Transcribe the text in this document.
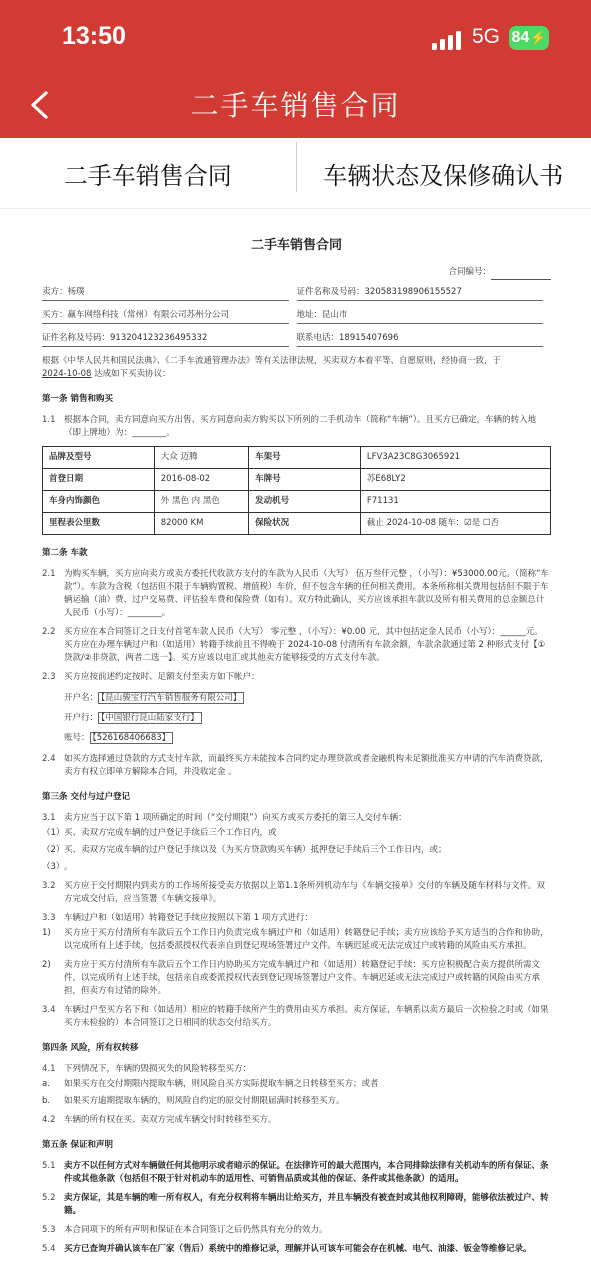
13:50	5G 84 ⚡
二手车销售合同
二手车销售合同	车辆状态及保修确认书
二手车销售合同
合同编号：
卖方：杨璞	证件名称及号码：320583198906155527
买方：赢车网络科技（常州）有限公司苏州分公司	地址：昆山市
证件名称及号码：91320412323649533​2	联系电话：18915407696
根据《中华人民共和国民法典》、《二手车流通管理办法》等有关法律法规，买卖双方本着平等、自愿原则，经协商一致，于
2024-10-08 达成如下买卖协议：
第一条 销售和购买
1.1 根据本合同，卖方同意向买方出售、买方同意向卖方购买以下所列的二手机动车（简称“车辆”）。且买方已确定，车辆的转入地（即上牌地）为：________。
品牌及型号	大众 迈腾	车架号	LFV3A23C8G3065921
首登日期	2016-08-02	车牌号	苏E68LY2
车身内饰颜色	外 黑色 内 黑色	发动机号	F71131
里程表公里数	82000 KM	保险状况	截止 2024-10-08 随车：☑是 ☐否
第二条 车款
2.1 为购买车辆，买方应向卖方或卖方委托代收款方支付的车款为人民币（大写） 伍万叁仟元整 ，（小写）：¥53000.00元。（简称“车款”）。车款为含税（包括但不限于车辆购置税、增值税）车价，但不包含车辆的任何相关费用。本条所称相关费用包括但不限于车辆运输（油）费、过户交易费、评估验车费和保险费（如有）。双方特此确认，买方应该承担车款以及所有相关费用的总金额总计人民币（小写）：________。
2.2 买方应在本合同签订之日支付首笔车款人民币（大写） 零元整 ，（小写）：¥0.00 元，其中包括定金人民币（小写）：______元。买方应在办理车辆过户和（如适用）转籍手续前且不得晚于 2024-10-08 付清所有车款余额，车款余款通过第 2 种形式支付【①贷款/②非贷款，两者二选一】。买方应该以电汇或其他卖方能够接受的方式支付车款。
2.3 买方应按前述约定按时、足额支付至卖方如下帐户：
开户名： 【昆山骏宝行汽车销售服务有限公司】
开户行： 【中国银行昆山陆家支行】
账号： 【526168406683】
2.4 如买方选择通过贷款的方式支付车款，而最终买方未能按本合同约定办理贷款或者金融机构未足额批准买方申请的汽车消费贷款，卖方有权立即单方解除本合同，并没收定金 。
第三条 交付与过户登记
3.1 卖方应当于以下第 1 项所确定的时间（“交付期限”）向买方或买方委托的第三人交付车辆：
（1） 买、卖双方完成车辆的过户登记手续后三个工作日内，或
（2） 买、卖双方完成车辆的过户登记手续以及（为买方贷款购买车辆）抵押登记手续后三个工作日内，或；
（3） 。
3.2 买方应于交付期限内到卖方的工作场所接受卖方依据以上第1.1条所列机动车与《车辆交接单》交付的车辆及随车材料与文件。双方完成交付后，应当签署《车辆交接单》。
3.3 车辆过户和（如适用）转籍登记手续应按照以下第 1 项方式进行：
1)	买方应于买方付清所有车款后五个工作日内负责完成车辆过户和（如适用）转籍登记手续；卖方应该给予买方适当的合作和协助，以完成所有上述手续，包括委派授权代表亲自到登记现场签署过户文件。车辆迟延或无法完成过户或转籍的风险由买方承担。
2)	卖方应于买方付清所有车款后五个工作日内协助买方完成车辆过户和（如适用）转籍登记手续：买方应积极配合卖方提供所需文件，以完成所有上述手续，包括亲自或委派授权代表到登记现场签署过户文件。车辆迟延或无法完成过户或转籍的风险由买方承担，但卖方有过错的除外。
3.4 车辆过户至买方名下和（如适用）相应的转籍手续所产生的费用由买方承担。卖方保证，车辆系以卖方最后一次检验之时或（如果买方未检验的）本合同签订之日相同的状态交付给买方。
第四条 风险，所有权转移
4.1 下列情况下，车辆的毁损灭失的风险转移至买方：
a.	如果买方在交付期限内提取车辆，则风险自买方实际提取车辆之日转移至买方；或者
b.	如果买方逾期提取车辆的，则风险自约定的原交付期限届满时转移至买方。
4.2 车辆的所有权在买、卖双方完成车辆交付时转移至买方。
第五条 保证和声明
5.1 卖方不以任何方式对车辆做任何其他明示或者暗示的保证。在法律许可的最大范围内，本合同排除法律有关机动车的所有保证、条件或其他条款（包括但不限于针对机动车的适用性、可销售品质或其他的保证、条件或其他条款）的适用。
5.2 卖方保证，其是车辆的唯一所有权人，有充分权利将车辆出让给买方，并且车辆没有被查封或其他权利障碍，能够依法被过户、转籍。
5.3 本合同项下的所有声明和保证在本合同签订之后仍然具有充分的效力。
5.4 买方已查询并确认该车在厂家（售后）系统中的维修记录，理解并认可该车可能会存在机械、电气、油漆、钣金等维修记录。
